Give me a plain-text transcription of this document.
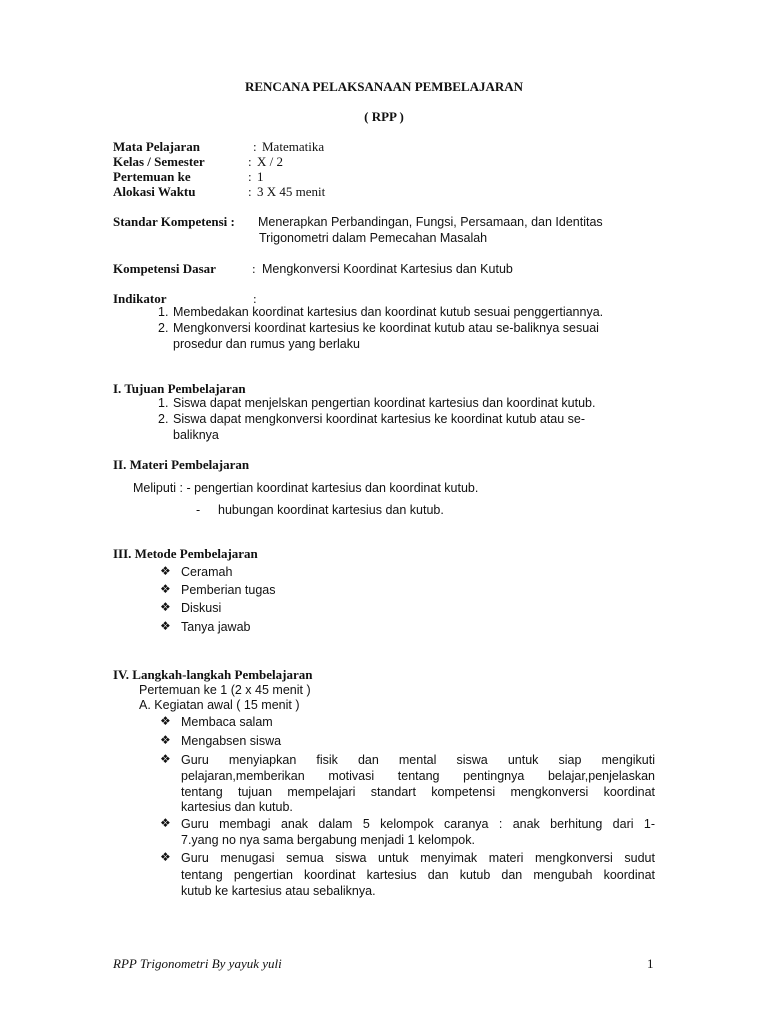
RENCANA PELAKSANAAN PEMBELAJARAN
( RPP )
Mata Pelajaran	: Matematika
Kelas / Semester	: X / 2
Pertemuan ke	: 1
Alokasi Waktu	: 3 X 45 menit
Standar Kompetensi : Menerapkan Perbandingan, Fungsi, Persamaan, dan Identitas
Trigonometri dalam Pemecahan Masalah
Kompetensi Dasar	: Mengkonversi Koordinat Kartesius dan Kutub
Indikator	:
1. Membedakan koordinat kartesius dan koordinat kutub sesuai penggertiannya.
2. Mengkonversi koordinat kartesius ke koordinat kutub atau se-baliknya sesuai
prosedur dan rumus yang berlaku
I. Tujuan Pembelajaran
1. Siswa dapat menjelskan pengertian koordinat kartesius dan koordinat kutub.
2. Siswa dapat mengkonversi koordinat kartesius ke koordinat kutub atau se-
baliknya
II. Materi Pembelajaran
Meliputi : - pengertian koordinat kartesius dan koordinat kutub.
- hubungan koordinat kartesius dan kutub.
III. Metode Pembelajaran
❖ Ceramah
❖ Pemberian tugas
❖ Diskusi
❖ Tanya jawab
IV. Langkah-langkah Pembelajaran
Pertemuan ke 1 (2 x 45 menit )
A. Kegiatan awal ( 15 menit )
❖ Membaca salam
❖ Mengabsen siswa
❖ Guru menyiapkan fisik dan mental siswa untuk siap mengikuti
pelajaran,memberikan motivasi tentang pentingnya belajar,penjelaskan
tentang tujuan mempelajari standart kompetensi mengkonversi koordinat
kartesius dan kutub.
❖ Guru membagi anak dalam 5 kelompok caranya : anak berhitung dari 1-
7.yang no nya sama bergabung menjadi 1 kelompok.
❖ Guru menugasi semua siswa untuk menyimak materi mengkonversi sudut
tentang pengertian koordinat kartesius dan kutub dan mengubah koordinat
kutub ke kartesius atau sebaliknya.
RPP Trigonometri By yayuk yuli	1
